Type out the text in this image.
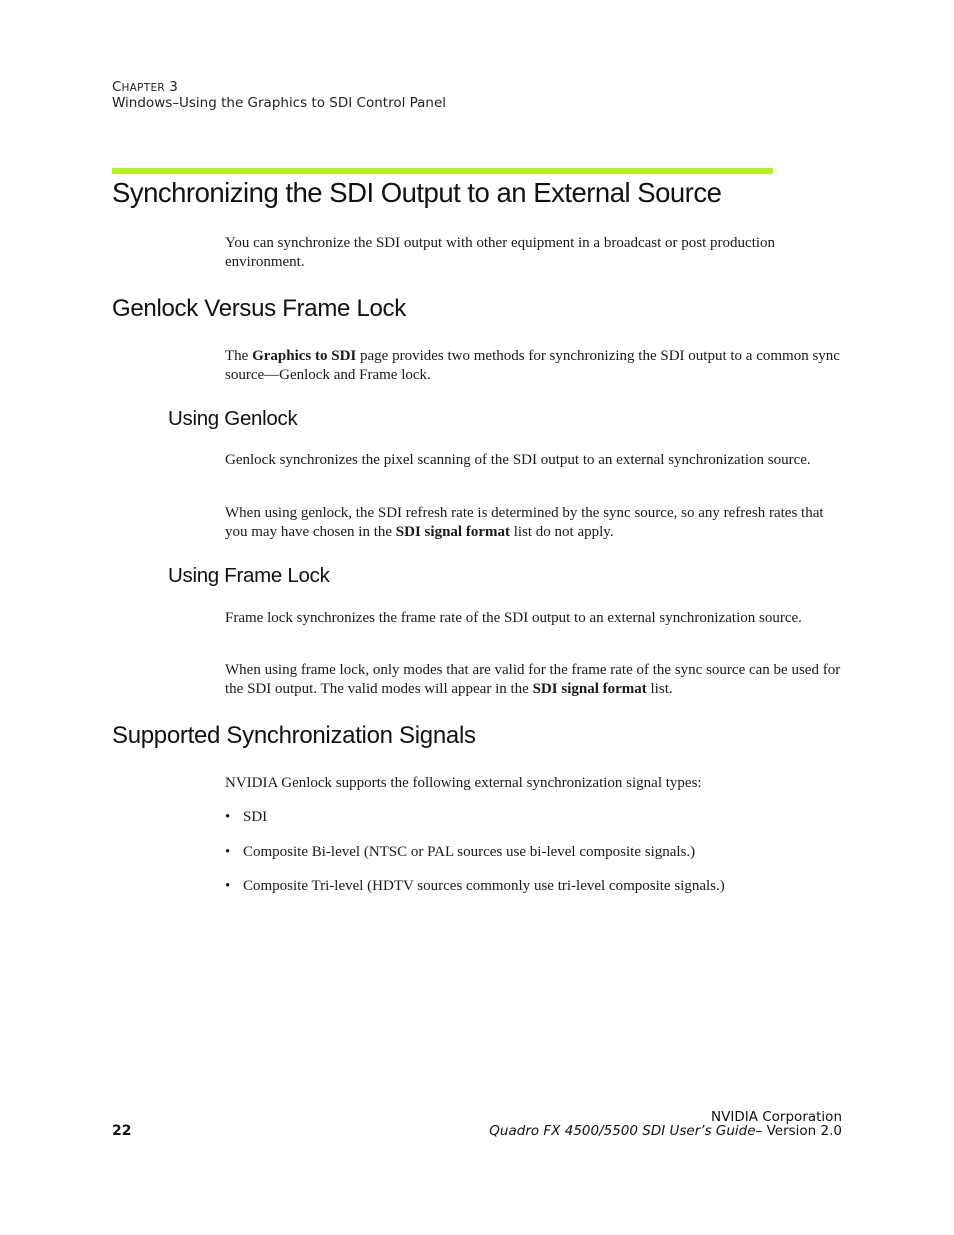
CHAPTER 3
Windows–Using the Graphics to SDI Control Panel
Synchronizing the SDI Output to an External Source
You can synchronize the SDI output with other equipment in a broadcast or post production environment.
Genlock Versus Frame Lock
The Graphics to SDI page provides two methods for synchronizing the SDI output to a common sync source—Genlock and Frame lock.
Using Genlock
Genlock synchronizes the pixel scanning of the SDI output to an external synchronization source.
When using genlock, the SDI refresh rate is determined by the sync source, so any refresh rates that you may have chosen in the SDI signal format list do not apply.
Using Frame Lock
Frame lock synchronizes the frame rate of the SDI output to an external synchronization source.
When using frame lock, only modes that are valid for the frame rate of the sync source can be used for the SDI output. The valid modes will appear in the SDI signal format list.
Supported Synchronization Signals
NVIDIA Genlock supports the following external synchronization signal types:
• SDI
• Composite Bi-level (NTSC or PAL sources use bi-level composite signals.)
• Composite Tri-level (HDTV sources commonly use tri-level composite signals.)
NVIDIA Corporation
22	Quadro FX 4500/5500 SDI User’s Guide– Version 2.0
